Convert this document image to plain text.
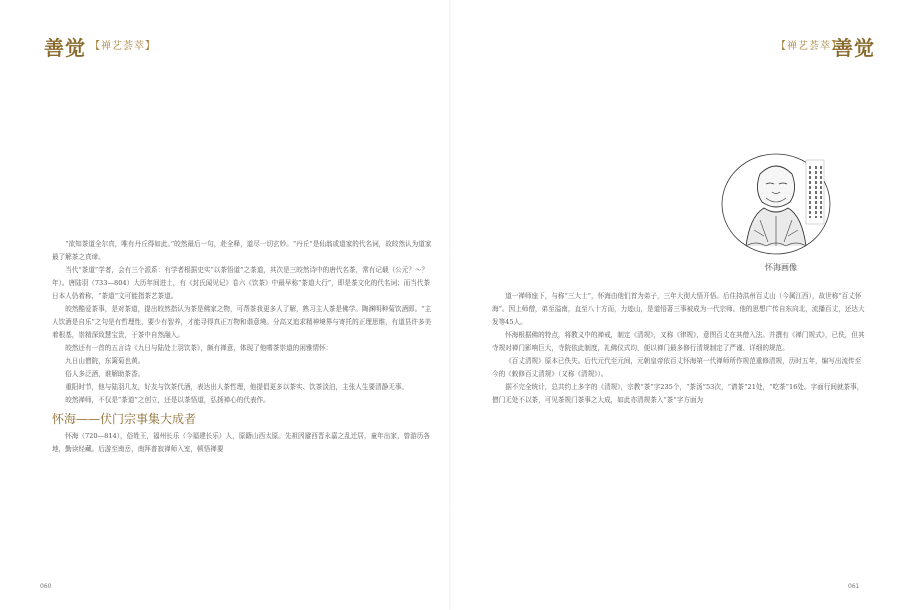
善觉 【禅艺荟萃】

“欲知茶道全尔真，唯有丹丘得如此。”皎然最后一句，赴全释，道尽一切玄妙。“丹丘”是仙翁或道家的代名词，故皎然认为道家最了解茶之真谛。

当代“茶道”学者，会有三个派系：有学者根据史实“以茶悟道”之茶道，其次是三皎然诗中的唐代名茶，常有记载（公元？～？年）。唐陆羽（733—804）大历年间进士，有《封氏闻见记》卷六《饮茶》中最早称“茶道大行”，即是茶文化的代名词；而当代茶日本人仍着称，“茶道”文可能指茶艺茶道。

皎然酷爱茶事，是对茶道，提出皎然指认为茶是佛家之物，可帮茶我更多人了解，熟习主人茶是佛学。陶渊明种菊饮酒即。“主人饮酒是自乐”之句是有哲理性，要少有智养，才能寻得真正万物和谐意境。分高又追求精神境界与寄托的正理思维，有道县许多美着根基，崇精深致慧宝贵，于茶中自然融入。

皎然还有一首的五言诗《九日与陆处士羽饮茶》，颇有禅意，体现了他嗜茶崇道的闲雅情怀：

九日山僧院，东篱菊也黄。

俗人多泛酒，谁解助茶香。

重阳时节，他与陆羽几友，好友与饮茶代酒，表达出人茶哲理，他提倡更多以茶实、饮茶淡泊，主张人生要清静无事。

皎然禅师，不仅是“茶道”之创立，还是以茶悟道，弘扬禅心的代表作。

怀海——伏门宗事集大成者

怀海（720—814），俗姓王，福州长乐（今福建长乐）人，原籍山西太原。先祖因避西晋永嘉之乱迁居，童年出家，曾游历各地，勤读经藏。后游至南岳，南拜普寂禅师入室，顿悟禅要

060
【禅艺荟萃】
善觉
怀海画像

道一禅师座下，与称“三大士”，怀海由他们首为弟子，三年大彻大悟开悟。后住持洪州百丈山（今属江西），故世称“百丈怀海”。因上师僧，弟至溢南，直至八十方而，力迹山，是道悟著三事被成为一代宗师。他的思想广传自东向北，流播百丈，还达大发等45人。

怀海根据佛的特点，将教义中的禅戒，制定《清规》，又称《律规》，意图百丈在其僧入法。并撰有《禅门规式》，已佚，但其寺规对禅门影响巨大，寺院依此制度，礼佛仪式均，便以禅门最多修行清规制定了严谨、详细的规范。

《百丈清规》原本已佚失。后代元代至元间，元朝皇帝依百丈怀海第一代禅师所作规范重修清规，历时五年，编写出流传至今的《敕修百丈清规》（又称《清规》）。

据不完全统计，总共约上多字的《清规》，宗教“茶”字235个，“茶汤”53次，“请茶”21处，“吃茶”16处。字面行间就茶事，僧门无处不以茶，可见茶规门茶事之大成，如此亦清规茶入“茶”字方面为

061
